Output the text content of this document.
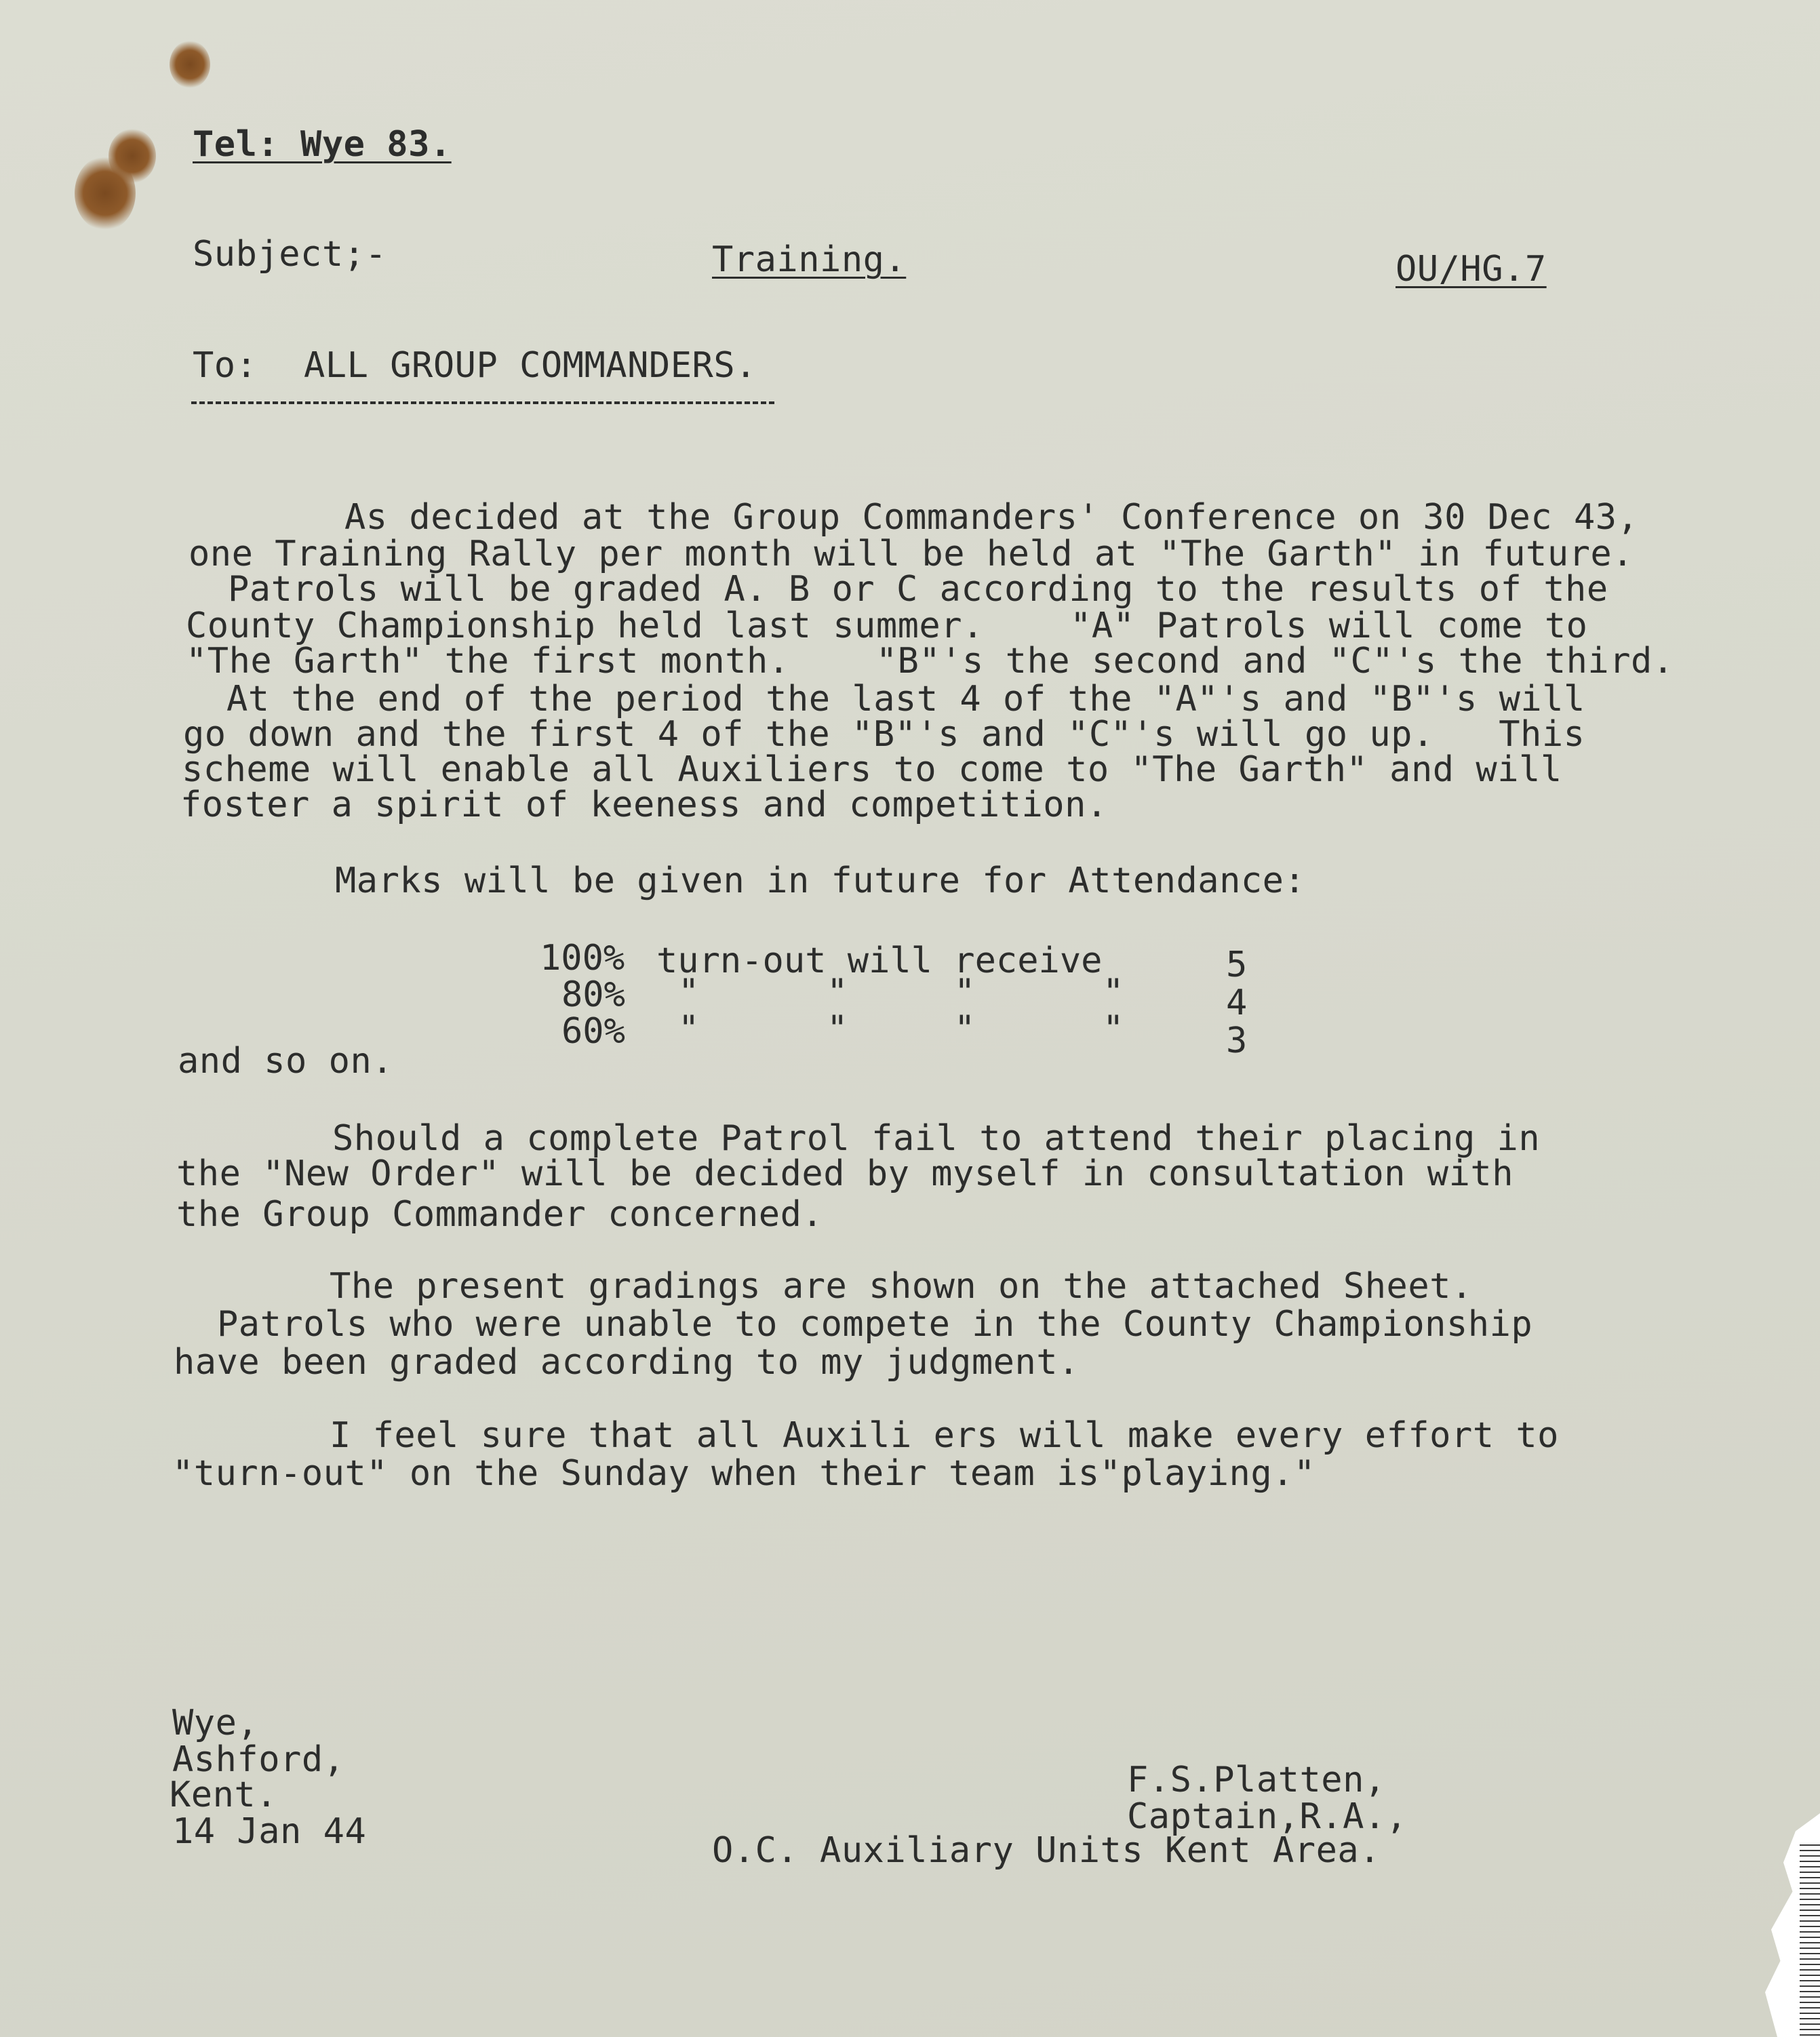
Tel: Wye 83.
Subject;-	Training.	OU/HG.7
To: ALL GROUP COMMANDERS.
As decided at the Group Commanders' Conference on 30 Dec 43,
one Training Rally per month will be held at "The Garth" in future.
Patrols will be graded A. B or C according to the results of the
County Championship held last summer.    "A" Patrols will come to
"The Garth" the first month.    "B"'s the second and "C"'s the third.
At the end of the period the last 4 of the "A"'s and "B"'s will
go down and the first 4 of the "B"'s and "C"'s will go up.   This
scheme will enable all Auxiliers to come to "The Garth" and will
foster a spirit of keeness and competition.
Marks will be given in future for Attendance:
100% turn-out will receive	5
80% "      "     "      "	4
60% "      "     "      "	3
and so on.
Should a complete Patrol fail to attend their placing in
the "New Order" will be decided by myself in consultation with
the Group Commander concerned.
The present gradings are shown on the attached Sheet.
Patrols who were unable to compete in the County Championship
have been graded according to my judgment.
I feel sure that all Auxili ers will make every effort to
"turn-out" on the Sunday when their team is"playing."
Wye,
Ashford,
Kent.
14 Jan 44
F.S.Platten,
Captain,R.A.,
O.C. Auxiliary Units Kent Area.
